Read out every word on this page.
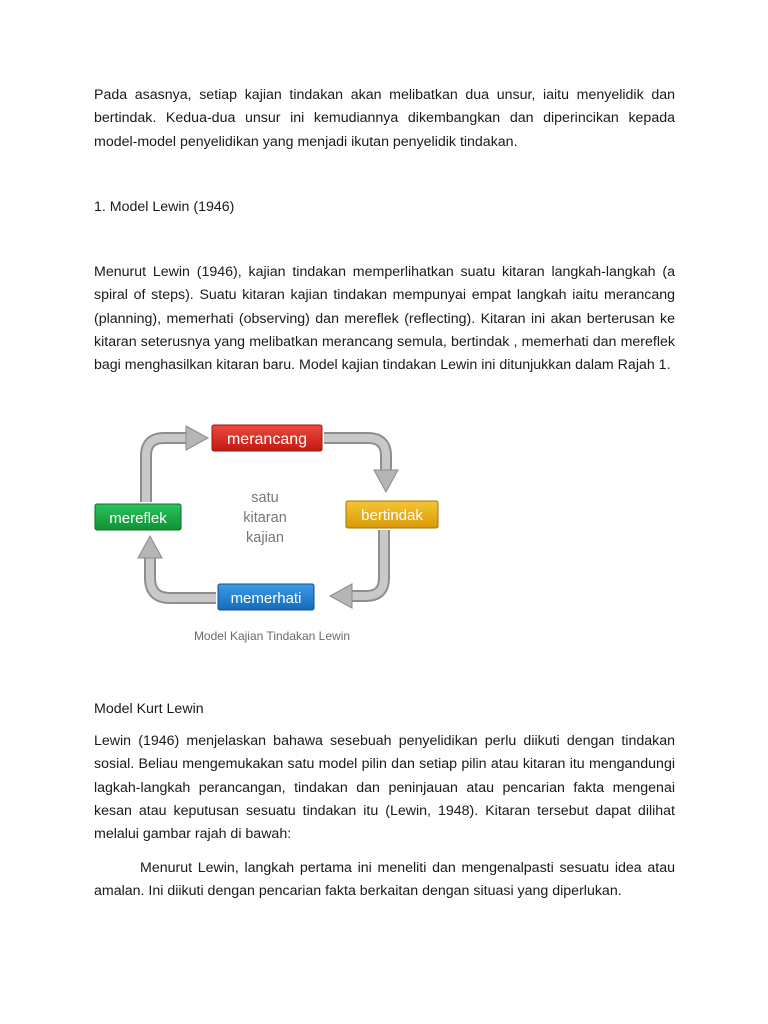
Pada asasnya, setiap kajian tindakan akan melibatkan dua unsur, iaitu menyelidik dan bertindak. Kedua-dua unsur ini kemudiannya dikembangkan dan diperincikan kepada model-model penyelidikan yang menjadi ikutan penyelidik tindakan.

1. Model Lewin (1946)

Menurut Lewin (1946), kajian tindakan memperlihatkan suatu kitaran langkah-langkah (a spiral of steps). Suatu kitaran kajian tindakan mempunyai empat langkah iaitu merancang (planning), memerhati (observing) dan mereflek (reflecting). Kitaran ini akan berterusan ke kitaran seterusnya yang melibatkan merancang semula, bertindak , memerhati dan mereflek bagi menghasilkan kitaran baru. Model kajian tindakan Lewin ini ditunjukkan dalam Rajah 1.

merancang
bertindak
memerhati
mereflek
satu
kitaran
kajian
Model Kajian Tindakan Lewin

Model Kurt Lewin

Lewin (1946) menjelaskan bahawa sesebuah penyelidikan perlu diikuti dengan tindakan sosial. Beliau mengemukakan satu model pilin dan setiap pilin atau kitaran itu mengandungi lagkah-langkah perancangan, tindakan dan peninjauan atau pencarian fakta mengenai kesan atau keputusan sesuatu tindakan itu (Lewin, 1948). Kitaran tersebut dapat dilihat melalui gambar rajah di bawah:

Menurut Lewin, langkah pertama ini meneliti dan mengenalpasti sesuatu idea atau amalan. Ini diikuti dengan pencarian fakta berkaitan dengan situasi yang diperlukan.
